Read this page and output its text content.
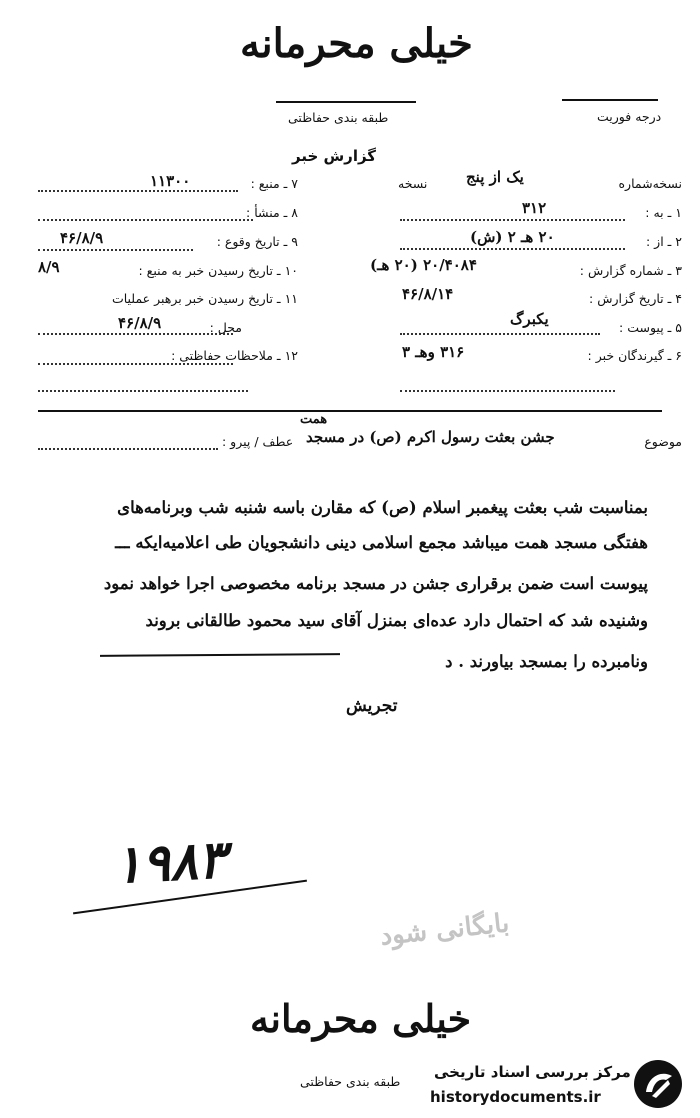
خیلی محرمانه
درجه فوریت
طبقه بندی حفاظتی
گزارش خبر
۷ ـ منبع :
۱۱۳۰۰
۸ ـ منشأ :
۹ ـ تاریخ وقوع :
۴۶/۸/۹
۱۰ ـ تاریخ رسیدن خبر به منبع :
۸/۹
۱۱ ـ تاریخ رسیدن خبر برهبر عملیات
محل :
۴۶/۸/۹
۱۲ ـ ملاحظات حفاظتی :
نسخه‌شماره
یک از پنج
نسخه
۱ ـ به :
۳۱۲
۲ ـ از :
۲۰ هـ ۲ (ش)
۳ ـ شماره گزارش :
۲۰/۴۰۸۴ (۲۰ هـ)
۴ ـ تاریخ گزارش :
۴۶/۸/۱۴
۵ ـ پیوست :
یکبرگ
۶ ـ گیرندگان خبر :
۳۱۶ وهـ ۳
همت
موضوع
جشن بعثت رسول اکرم (ص) در مسجد
عطف / پیرو :
بمناسبت شب بعثت پیغمبر اسلام (ص) که مقارن باسه شنبه شب وبرنامه‌های
هفتگی مسجد همت میباشد مجمع اسلامی دینی دانشجویان طی اعلامیه‌ایکه ـــ
پیوست است ضمن برقراری جشن در مسجد برنامه مخصوصی اجرا خواهد نمود
وشنیده شد که احتمال دارد عده‌ای بمنزل آقای سید محمود طالقانی بروند
ونامبرده را بمسجد بیاورند . د
تجریش
۱۹۸۳
بایگانی شود
خیلی محرمانه
طبقه بندی حفاظتی
مرکز بررسی اسناد تاریخی
historydocuments.ir
